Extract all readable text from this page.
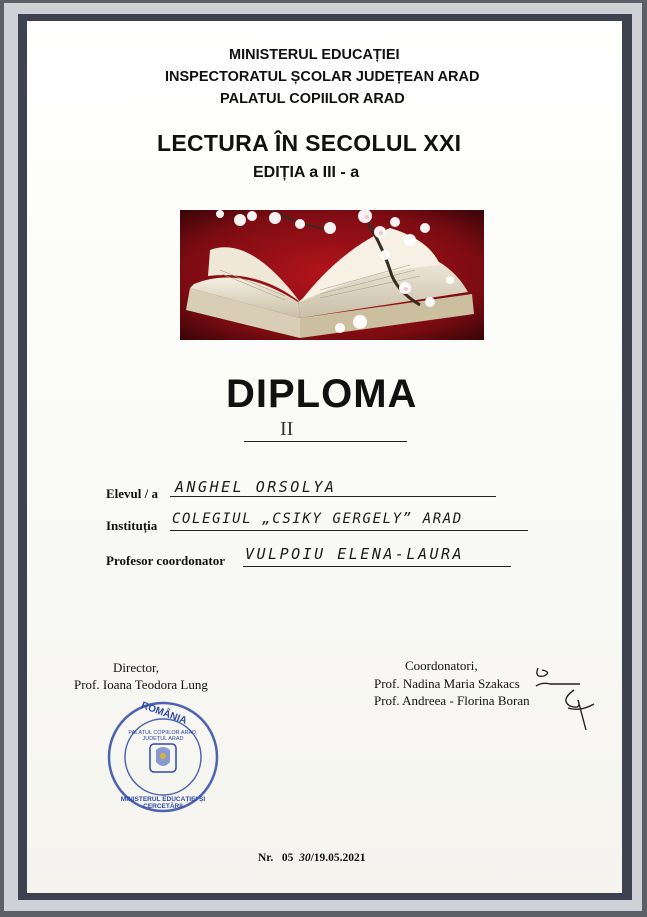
MINISTERUL EDUCAȚIEI
INSPECTORATUL ȘCOLAR JUDEȚEAN ARAD
PALATUL COPIILOR ARAD
LECTURA ÎN SECOLUL XXI
EDIȚIA a III - a
DIPLOMA
II
Elevul / a ANGHEL ORSOLYA
Instituția COLEGIUL „CSIKY GERGELY” ARAD
Profesor coordonator VULPOIU ELENA-LAURA
Director,
Prof. Ioana Teodora Lung
Coordonatori,
Prof. Nadina Maria Szakacs
Prof. Andreea - Florina Boran
ROMÂNIA
MINISTERUL EDUCAȚIEI ȘI CERCETĂRII
PALATUL COPIILOR ARAD, JUDEȚUL ARAD
Nr. 05 30/19.05.2021
